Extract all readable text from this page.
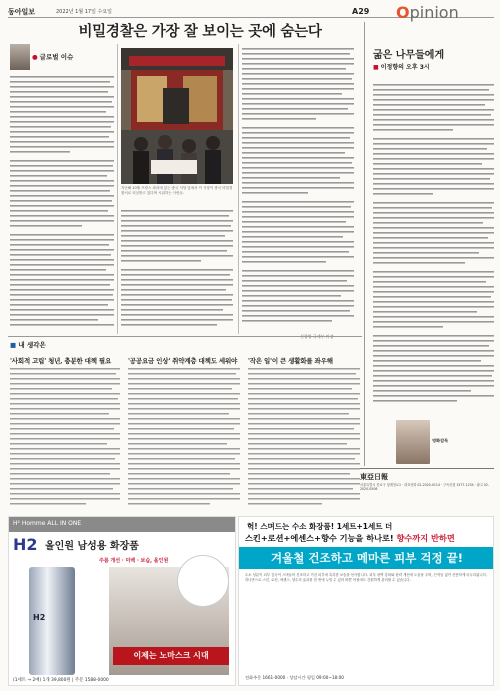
동아일보	2022년 1월 17일 수요일	A29 Opinion
비밀경찰은 가장 잘 보이는 곳에 숨는다
● 글로벌 이슈
지난해 10월 프랑스 파리에 있는 중국 식당 앞에서 이 식당이 중국 비밀경찰서로 의심받고 있다며 시위하는 사람들.
굶은 나무들에게
■ 이정향의 오후 3시
영화감독
■ 내 생각은
'사회적 고립' 청년, 충분한 대책 필요	'공공요금 인상' 취약계층 대책도 세워야 '작은 일'이 큰 생활화를 좌우해
東亞日報
서울특별시 종로구 청계천로1 · 대표전화 02-2020-0114 · 구독신청 1577-1234 · 광고 02-2020-0506
H² Homme ALL IN ONE
H2 올인원 남성용 화장품
주름 개선 · 미백 · 보습, 올인원
H2
이제는 노마스크 시대
(1세트 → 2매) 1개 39,800원 | 주문 1588-0000
헉! 스며드는 수소 화장품! 1세트+1세트 더
스킨+로션+에센스+향수 기능을 하나로! 향수까지 반하면
겨울철 건조하고 메마른 피부 걱정 끝!
수소 성분이 피부 깊숙이 스며들어 건조하고 거친 피부에 촉촉한 보습을 선사합니다. 피부 장벽 강화와 탄력 개선에 도움을 주며, 끈적임 없이 산뜻하게 마무리됩니다. 하나만으로 스킨, 로션, 에센스, 향수의 효과를 한 번에 누릴 수 있어 바쁜 아침에도 간편하게 관리할 수 있습니다.
전화주문 1661-0000 · 상담시간 평일 09:00~18:00
